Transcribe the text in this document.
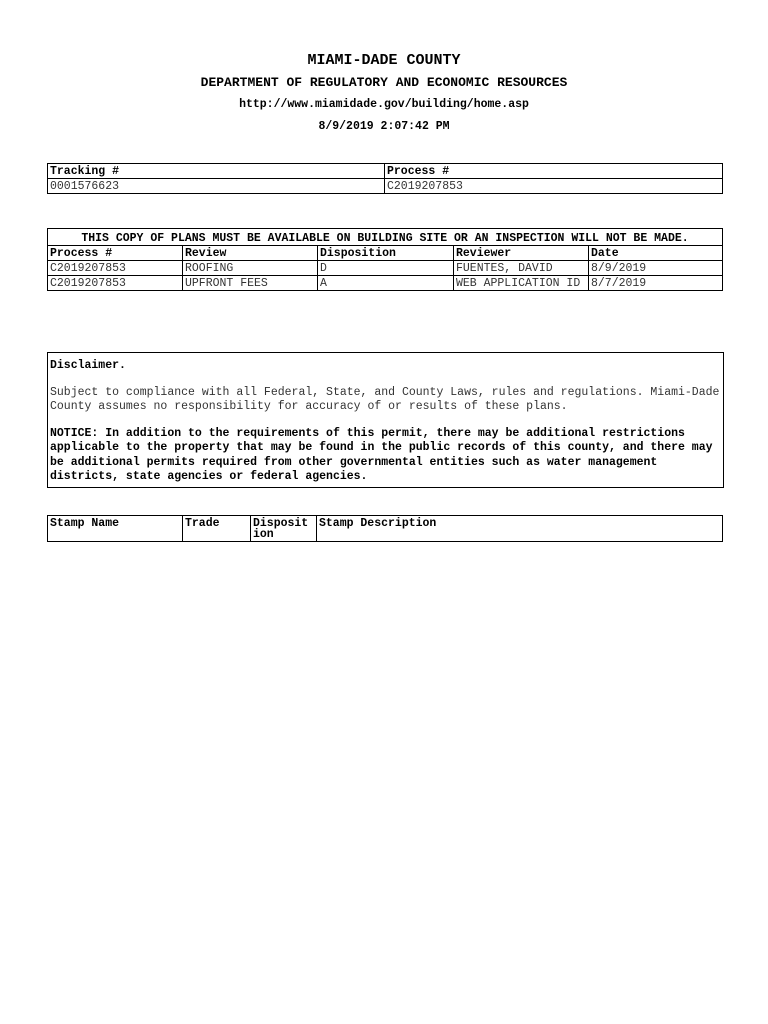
MIAMI-DADE COUNTY
DEPARTMENT OF REGULATORY AND ECONOMIC RESOURCES
http://www.miamidade.gov/building/home.asp
8/9/2019 2:07:42 PM
Tracking #	Process #
0001576623	C2019207853
THIS COPY OF PLANS MUST BE AVAILABLE ON BUILDING SITE OR AN INSPECTION WILL NOT BE MADE.				
Process #	Review	Disposition	Reviewer	Date
C2019207853	ROOFING	D	FUENTES, DAVID	8/9/2019
C2019207853	UPFRONT FEES	A	WEB APPLICATION ID	8/7/2019

Disclaimer.

Subject to compliance with all Federal, State, and County Laws, rules and regulations. Miami-Dade County assumes no responsibility for accuracy of or results of these plans.

NOTICE: In addition to the requirements of this permit, there may be additional restrictions applicable to the property that may be found in the public records of this county, and there may be additional permits required from other governmental entities such as water management districts, state agencies or federal agencies.

Stamp Name	Trade	Disposition	Stamp Description
